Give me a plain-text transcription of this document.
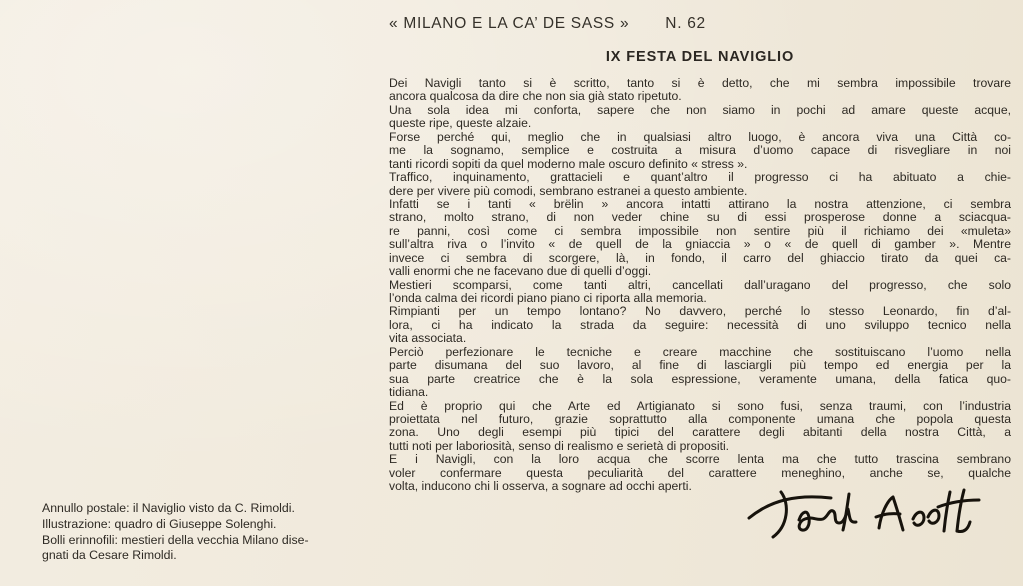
« MILANO E LA CA’ DE SASS » N. 62
IX FESTA DEL NAVIGLIO
Dei Navigli tanto si è scritto, tanto si è detto, che mi sembra impossibile trovare
ancora qualcosa da dire che non sia già stato ripetuto.
Una sola idea mi conforta, sapere che non siamo in pochi ad amare queste acque,
queste ripe, queste alzaie.
Forse perché qui, meglio che in qualsiasi altro luogo, è ancora viva una Città co-
me la sognamo, semplice e costruita a misura d’uomo capace di risvegliare in noi
tanti ricordi sopiti da quel moderno male oscuro definito « stress ».
Traffico, inquinamento, grattacieli e quant’altro il progresso ci ha abituato a chie-
dere per vivere più comodi, sembrano estranei a questo ambiente.
Infatti se i tanti « brëlin » ancora intatti attirano la nostra attenzione, ci sembra
strano, molto strano, di non veder chine su di essi prosperose donne a sciacqua-
re panni, così come ci sembra impossibile non sentire più il richiamo dei «muleta»
sull’altra riva o l’invito « de quell de la gniaccia » o « de quell di gamber ». Mentre
invece ci sembra di scorgere, là, in fondo, il carro del ghiaccio tirato da quei ca-
valli enormi che ne facevano due di quelli d’oggi.
Mestieri scomparsi, come tanti altri, cancellati dall’uragano del progresso, che solo
l’onda calma dei ricordi piano piano ci riporta alla memoria.
Rimpianti per un tempo lontano? No davvero, perché lo stesso Leonardo, fin d’al-
lora, ci ha indicato la strada da seguire: necessità di uno sviluppo tecnico nella
vita associata.
Perciò perfezionare le tecniche e creare macchine che sostituiscano l’uomo nella
parte disumana del suo lavoro, al fine di lasciargli più tempo ed energia per la
sua parte creatrice che è la sola espressione, veramente umana, della fatica quo-
tidiana.
Ed è proprio qui che Arte ed Artigianato si sono fusi, senza traumi, con l’industria
proiettata nel futuro, grazie soprattutto alla componente umana che popola questa
zona. Uno degli esempi più tipici del carattere degli abitanti della nostra Città, a
tutti noti per laboriosità, senso di realismo e serietà di propositi.
E i Navigli, con la loro acqua che scorre lenta ma che tutto trascina sembrano
voler confermare questa peculiarità del carattere meneghino, anche se, qualche
volta, inducono chi li osserva, a sognare ad occhi aperti.
Annullo postale: il Naviglio visto da C. Rimoldi.
Illustrazione: quadro di Giuseppe Solenghi.
Bolli erinnofili: mestieri della vecchia Milano dise-
gnati da Cesare Rimoldi.
